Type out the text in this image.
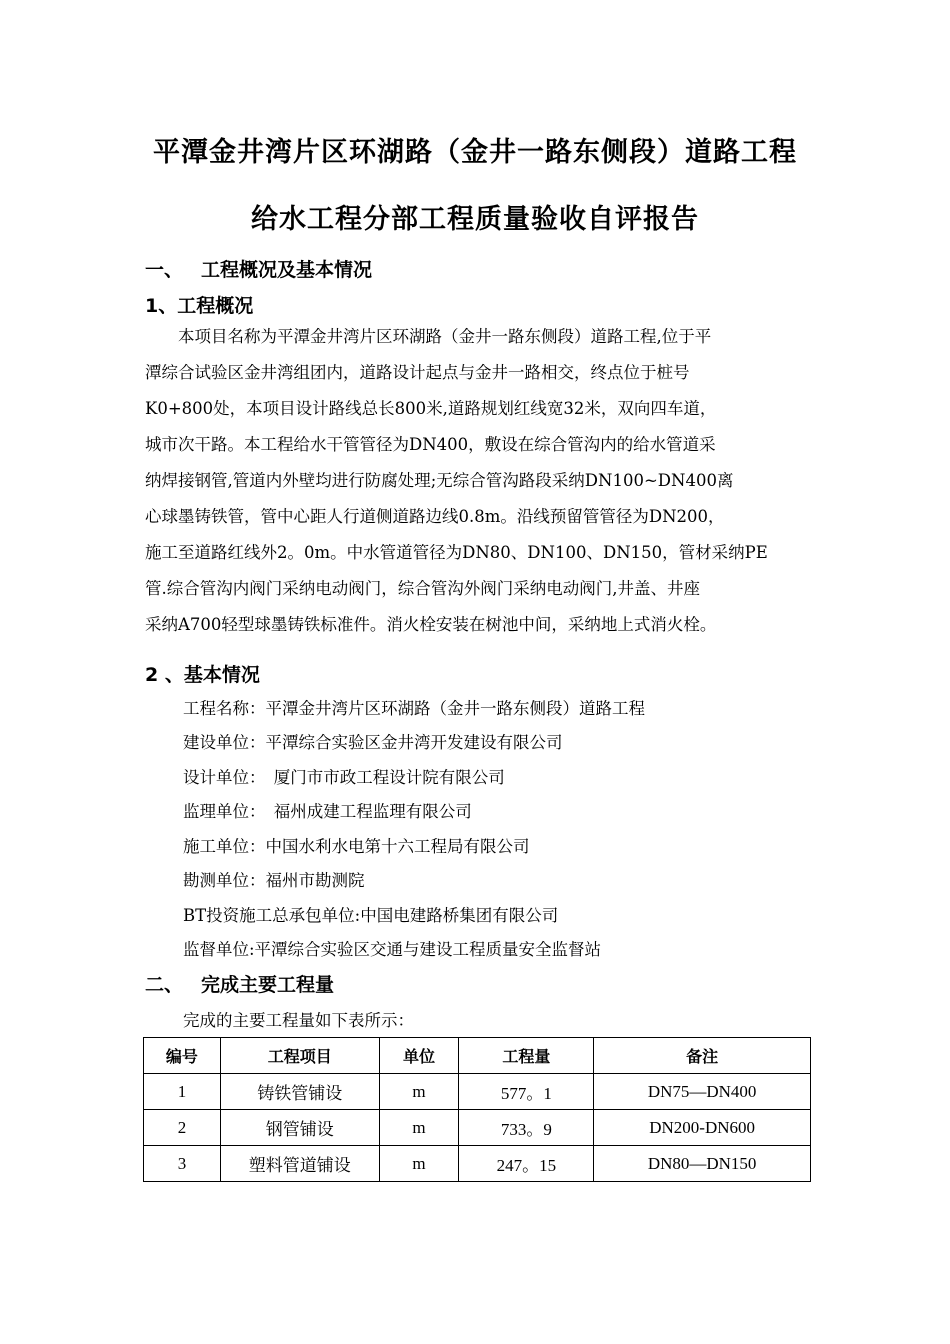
平潭金井湾片区环湖路（金井一路东侧段）道路工程
给水工程分部工程质量验收自评报告
一、 工程概况及基本情况
1、工程概况
　　本项目名称为平潭金井湾片区环湖路（金井一路东侧段）道路工程,位于平
潭综合试验区金井湾组团内，道路设计起点与金井一路相交，终点位于桩号
K0+800处，本项目设计路线总长800米,道路规划红线宽32米，双向四车道，
城市次干路。本工程给水干管管径为DN400，敷设在综合管沟内的给水管道采
纳焊接钢管,管道内外壁均进行防腐处理;无综合管沟路段采纳DN100~DN400离
心球墨铸铁管，管中心距人行道侧道路边线0.8m。沿线预留管管径为DN200，
施工至道路红线外2。0m。中水管道管径为DN80、DN100、DN150，管材采纳PE
管.综合管沟内阀门采纳电动阀门，综合管沟外阀门采纳电动阀门,井盖、井座
采纳A700轻型球墨铸铁标准件。消火栓安装在树池中间，采纳地上式消火栓。
2 、基本情况
工程名称：平潭金井湾片区环湖路（金井一路东侧段）道路工程
建设单位：平潭综合实验区金井湾开发建设有限公司
设计单位：　厦门市市政工程设计院有限公司
监理单位：　福州成建工程监理有限公司
施工单位：中国水利水电第十六工程局有限公司
勘测单位：福州市勘测院
BT投资施工总承包单位:中国电建路桥集团有限公司
监督单位:平潭综合实验区交通与建设工程质量安全监督站
二、 完成主要工程量
完成的主要工程量如下表所示：
编号	工程项目	单位	工程量	备注
1	铸铁管铺设	m	577。1	DN75—DN400
2	钢管铺设	m	733。9	DN200-DN600
3	塑料管道铺设	m	247。15	DN80—DN150
